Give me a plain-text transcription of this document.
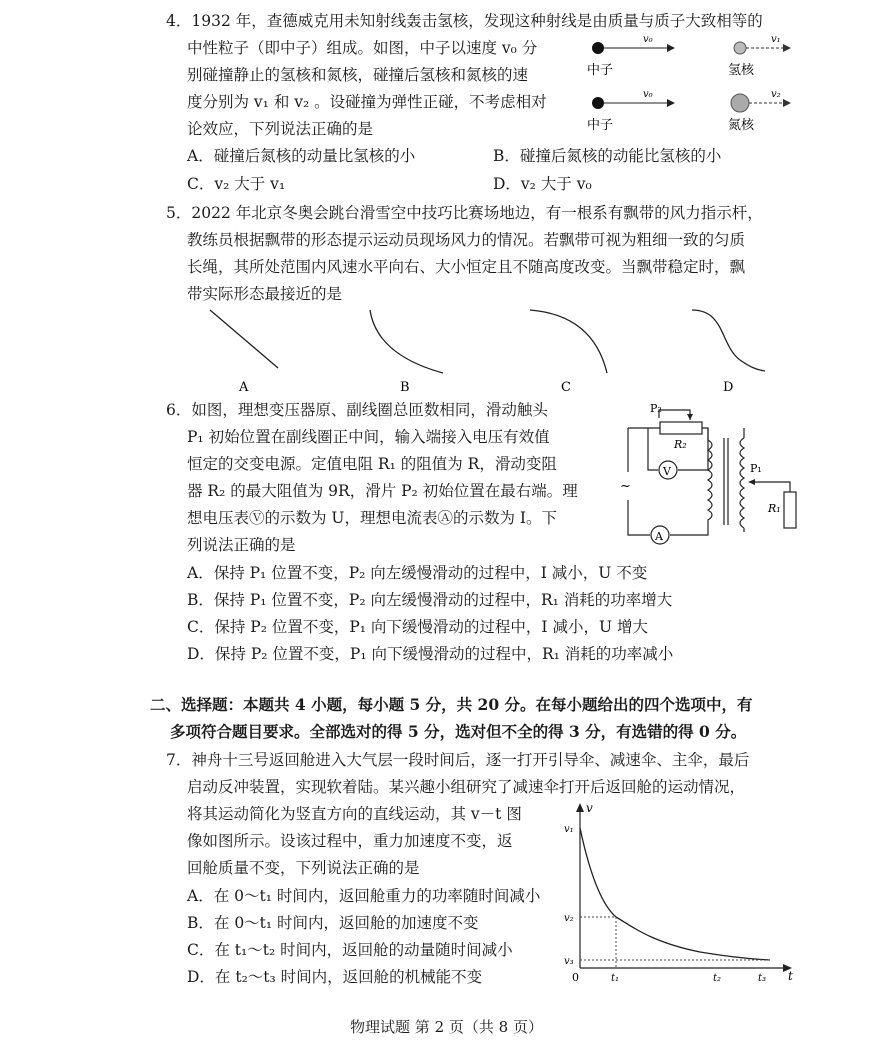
4．1932 年，查德威克用未知射线轰击氢核，发现这种射线是由质量与质子大致相等的
中性粒子（即中子）组成。如图，中子以速度 v₀ 分
别碰撞静止的氢核和氮核，碰撞后氢核和氮核的速
度分别为 v₁ 和 v₂ 。设碰撞为弹性正碰，不考虑相对
论效应，下列说法正确的是
v₀	v₁
中子	氢核
v₀	v₂
中子	氮核
A．碰撞后氮核的动量比氢核的小	B．碰撞后氮核的动能比氢核的小
C．v₂ 大于 v₁	D．v₂ 大于 v₀
5．2022 年北京冬奥会跳台滑雪空中技巧比赛场地边，有一根系有飘带的风力指示杆，
教练员根据飘带的形态提示运动员现场风力的情况。若飘带可视为粗细一致的匀质
长绳，其所处范围内风速水平向右、大小恒定且不随高度改变。当飘带稳定时，飘
带实际形态最接近的是
A	B	C	D
6．如图，理想变压器原、副线圈总匝数相同，滑动触头
P₁ 初始位置在副线圈正中间，输入端接入电压有效值
恒定的交变电源。定值电阻 R₁ 的阻值为 R，滑动变阻
器 R₂ 的最大阻值为 9R，滑片 P₂ 初始位置在最右端。理
想电压表Ⓥ的示数为 U，理想电流表Ⓐ的示数为 I。下
列说法正确的是
~
V
A
P₂
R₂
P₁
R₁
A．保持 P₁ 位置不变，P₂ 向左缓慢滑动的过程中，I 减小，U 不变
B．保持 P₁ 位置不变，P₂ 向左缓慢滑动的过程中，R₁ 消耗的功率增大
C．保持 P₂ 位置不变，P₁ 向下缓慢滑动的过程中，I 减小，U 增大
D．保持 P₂ 位置不变，P₁ 向下缓慢滑动的过程中，R₁ 消耗的功率减小
二、选择题：本题共 4 小题，每小题 5 分，共 20 分。在每小题给出的四个选项中，有
多项符合题目要求。全部选对的得 5 分，选对但不全的得 3 分，有选错的得 0 分。
7．神舟十三号返回舱进入大气层一段时间后，逐一打开引导伞、减速伞、主伞，最后
启动反冲装置，实现软着陆。某兴趣小组研究了减速伞打开后返回舱的运动情况，
将其运动简化为竖直方向的直线运动，其 v－t 图
像如图所示。设该过程中，重力加速度不变，返
回舱质量不变，下列说法正确的是
A．在 0～t₁ 时间内，返回舱重力的功率随时间减小
B．在 0～t₁ 时间内，返回舱的加速度不变
C．在 t₁～t₂ 时间内，返回舱的动量随时间减小
D．在 t₂～t₃ 时间内，返回舱的机械能不变
v
t
v₁
v₂
v₃
0	t₁	t₂	t₃
物理试题 第 2 页（共 8 页）
